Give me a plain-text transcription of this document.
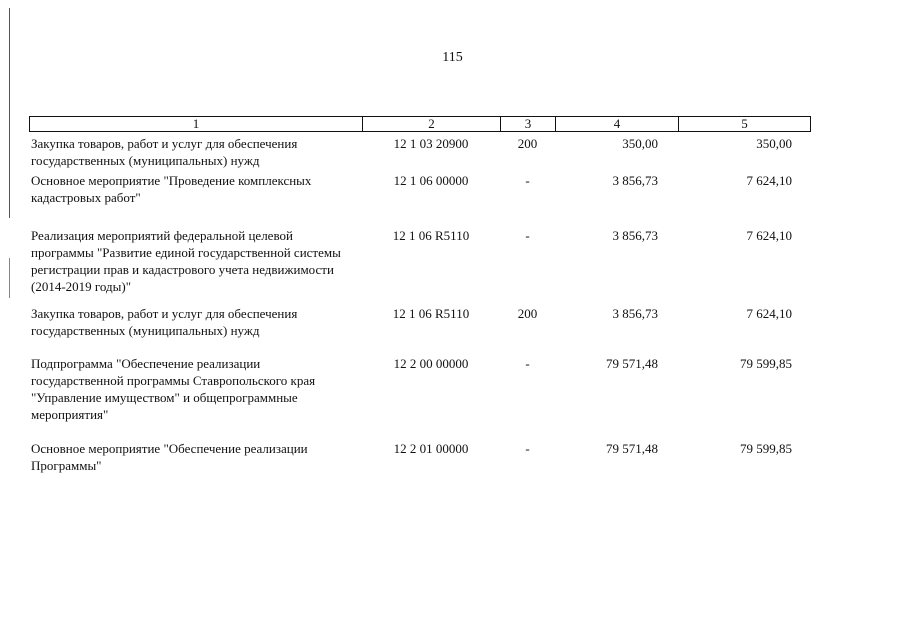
115
1	2	3	4	5
Закупка товаров, работ и услуг для обеспечения государственных (муниципальных) нужд
12 1 03 20900	200	350,00	350,00
Основное мероприятие "Проведение комплексных кадастровых работ"
12 1 06 00000	-	3 856,73	7 624,10
Реализация мероприятий федеральной целевой программы "Развитие единой государственной системы регистрации прав и кадастрового учета недвижимости (2014-2019 годы)"
12 1 06 R5110	-	3 856,73	7 624,10
Закупка товаров, работ и услуг для обеспечения государственных (муниципальных) нужд
12 1 06 R5110	200	3 856,73	7 624,10
Подпрограмма "Обеспечение реализации государственной программы Ставропольского края "Управление имуществом" и общепрограммные мероприятия"
12 2 00 00000	-	79 571,48	79 599,85
Основное мероприятие "Обеспечение реализации Программы"
12 2 01 00000	-	79 571,48	79 599,85
